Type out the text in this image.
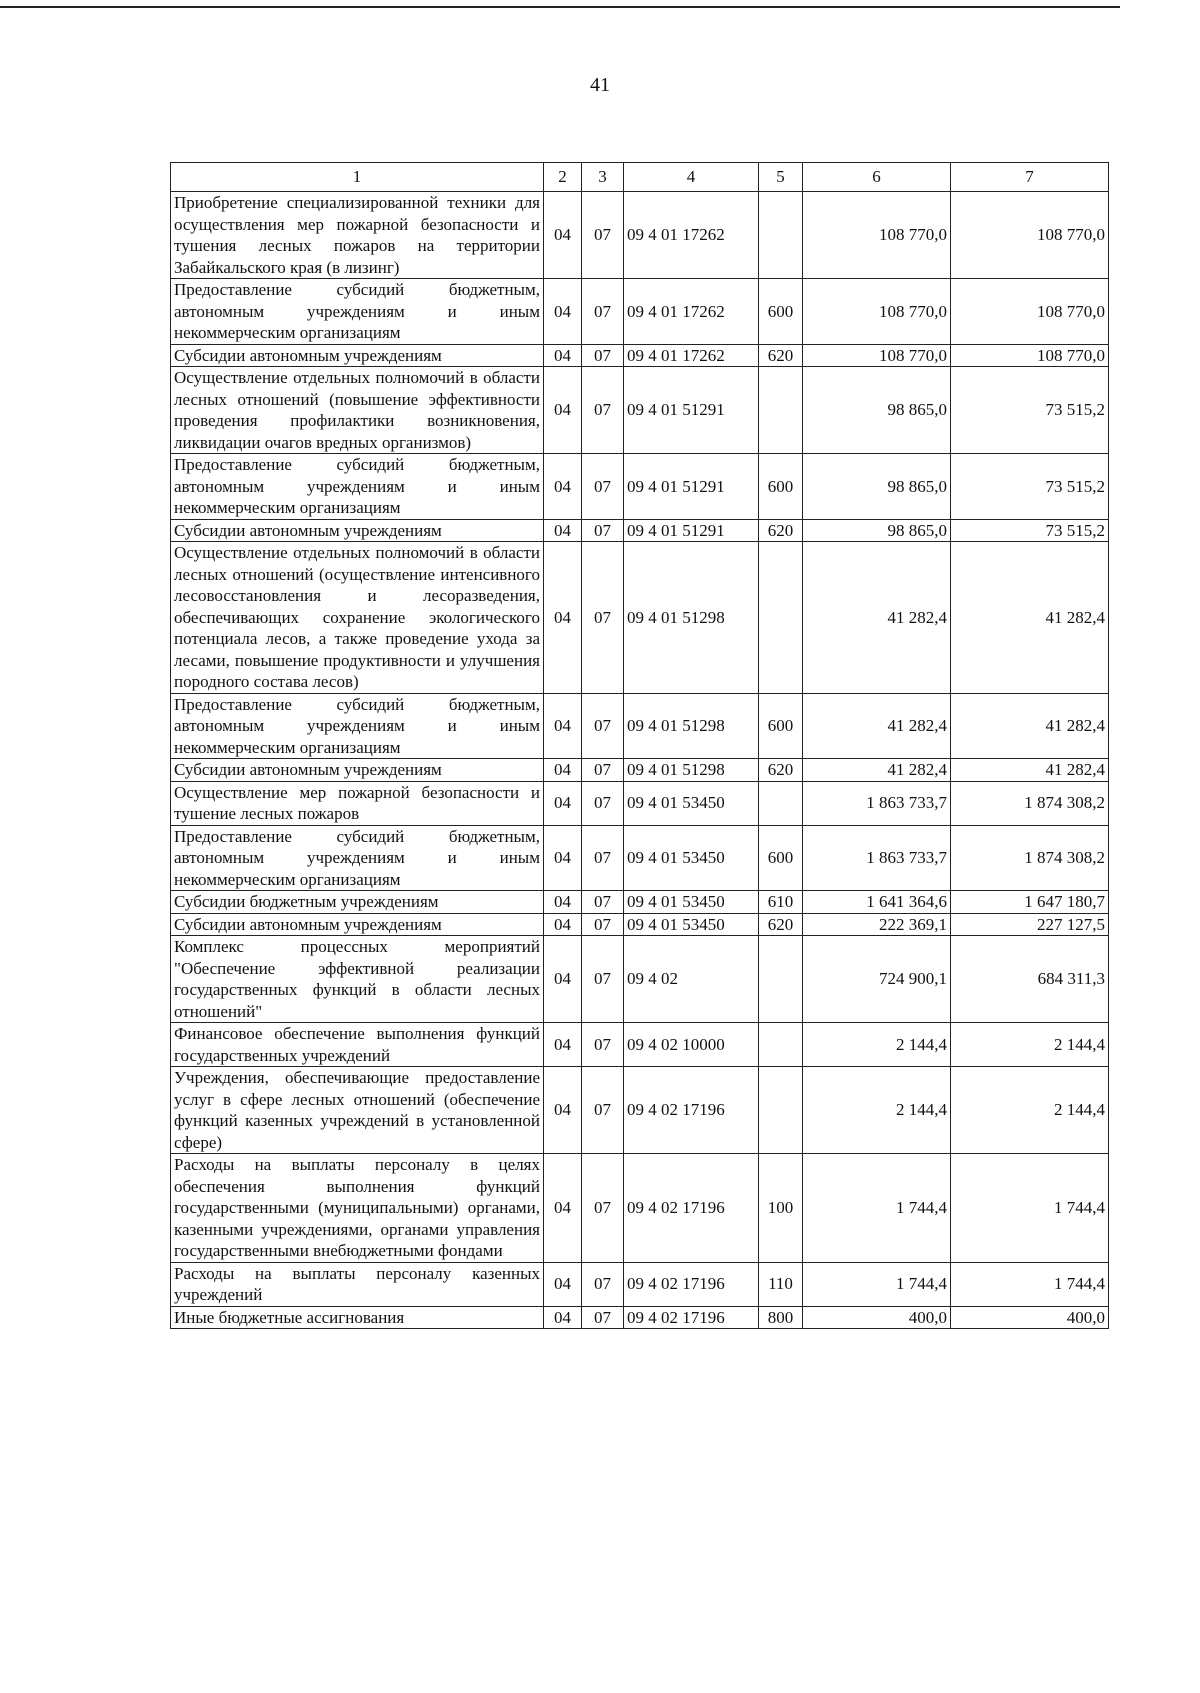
41
1	2	3	4	5	6	7
Приобретение специализированной техники для осуществления мер пожарной безопасности и тушения лесных пожаров на территории Забайкальского края (в лизинг)	04	07	09 4 01 17262		108 770,0	108 770,0
Предоставление субсидий бюджетным, автономным учреждениям и иным некоммерческим организациям	04	07	09 4 01 17262	600	108 770,0	108 770,0
Субсидии автономным учреждениям	04	07	09 4 01 17262	620	108 770,0	108 770,0
Осуществление отдельных полномочий в области лесных отношений (повышение эффективности проведения профилактики возникновения, ликвидации очагов вредных организмов)	04	07	09 4 01 51291		98 865,0	73 515,2
Предоставление субсидий бюджетным, автономным учреждениям и иным некоммерческим организациям	04	07	09 4 01 51291	600	98 865,0	73 515,2
Субсидии автономным учреждениям	04	07	09 4 01 51291	620	98 865,0	73 515,2
Осуществление отдельных полномочий в области лесных отношений (осуществление интенсивного лесовосстановления и лесоразведения, обеспечивающих сохранение экологического потенциала лесов, а также проведение ухода за лесами, повышение продуктивности и улучшения породного состава лесов)	04	07	09 4 01 51298		41 282,4	41 282,4
Предоставление субсидий бюджетным, автономным учреждениям и иным некоммерческим организациям	04	07	09 4 01 51298	600	41 282,4	41 282,4
Субсидии автономным учреждениям	04	07	09 4 01 51298	620	41 282,4	41 282,4
Осуществление мер пожарной безопасности и тушение лесных пожаров	04	07	09 4 01 53450		1 863 733,7	1 874 308,2
Предоставление субсидий бюджетным, автономным учреждениям и иным некоммерческим организациям	04	07	09 4 01 53450	600	1 863 733,7	1 874 308,2
Субсидии бюджетным учреждениям	04	07	09 4 01 53450	610	1 641 364,6	1 647 180,7
Субсидии автономным учреждениям	04	07	09 4 01 53450	620	222 369,1	227 127,5
Комплекс процессных мероприятий "Обеспечение эффективной реализации государственных функций в области лесных отношений"	04	07	09 4 02		724 900,1	684 311,3
Финансовое обеспечение выполнения функций государственных учреждений	04	07	09 4 02 10000		2 144,4	2 144,4
Учреждения, обеспечивающие предоставление услуг в сфере лесных отношений (обеспечение функций казенных учреждений в установленной сфере)	04	07	09 4 02 17196		2 144,4	2 144,4
Расходы на выплаты персоналу в целях обеспечения выполнения функций государственными (муниципальными) органами, казенными учреждениями, органами управления государственными внебюджетными фондами	04	07	09 4 02 17196	100	1 744,4	1 744,4
Расходы на выплаты персоналу казенных учреждений	04	07	09 4 02 17196	110	1 744,4	1 744,4
Иные бюджетные ассигнования	04	07	09 4 02 17196	800	400,0	400,0
